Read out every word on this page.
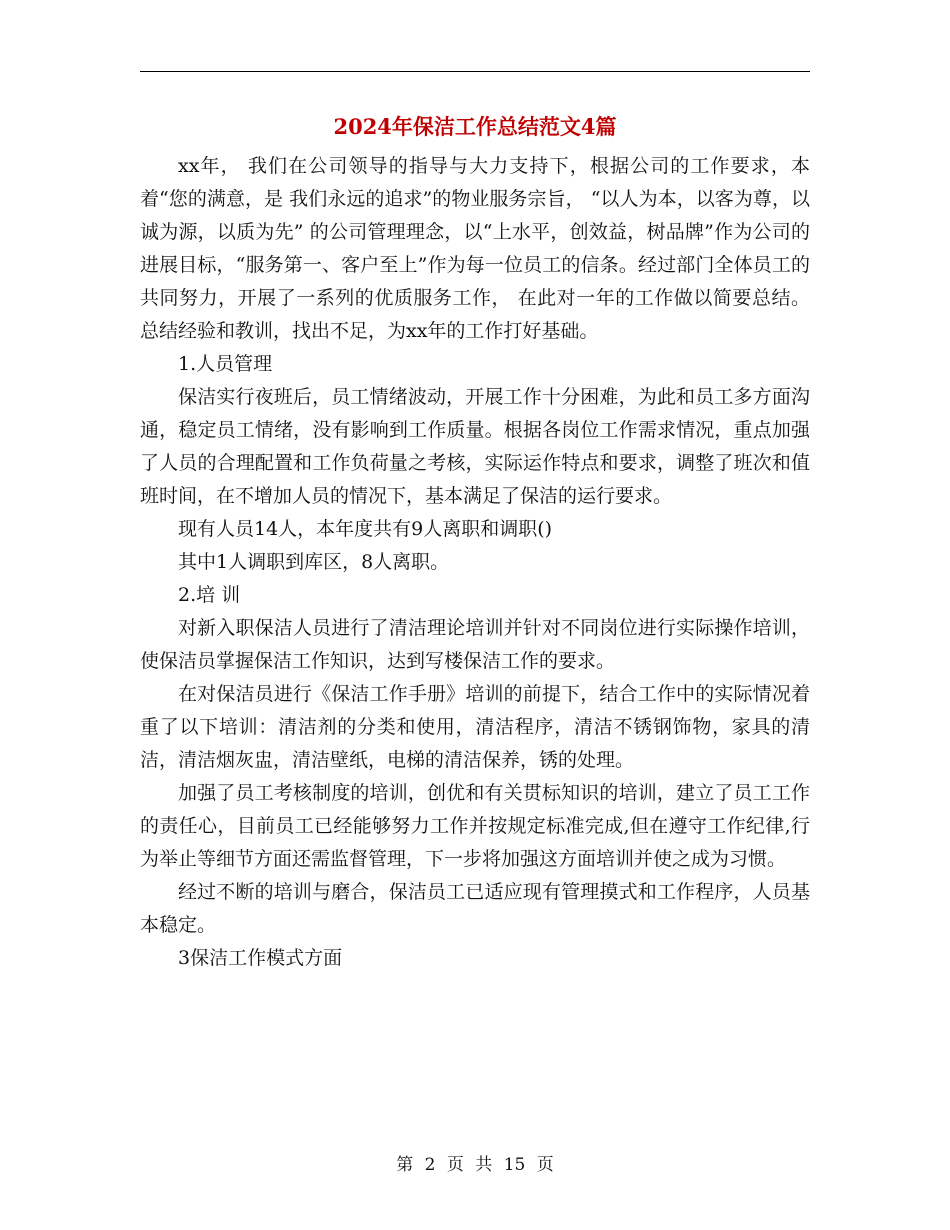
2024年保洁工作总结范文4篇

xx年， 我们在公司领导的指导与大力支持下，根据公司的工作要求，本着“您的满意，是 我们永远的追求”的物业服务宗旨， “以人为本，以客为尊，以诚为源，以质为先” 的公司管理理念，以“上水平，创效益，树品牌”作为公司的进展目标，“服务第一、客户至上”作为每一位员工的信条。经过部门全体员工的共同努力，开展了一系列的优质服务工作， 在此对一年的工作做以简要总结。总结经验和教训，找出不足，为xx年的工作打好基础。

1.人员管理

保洁实行夜班后，员工情绪波动，开展工作十分困难，为此和员工多方面沟通，稳定员工情绪，没有影响到工作质量。根据各岗位工作需求情况，重点加强了人员的合理配置和工作负荷量之考核，实际运作特点和要求，调整了班次和值班时间，在不增加人员的情况下，基本满足了保洁的运行要求。

现有人员14人，本年度共有9人离职和调职()

其中1人调职到库区，8人离职。

2.培 训

对新入职保洁人员进行了清洁理论培训并针对不同岗位进行实际操作培训，使保洁员掌握保洁工作知识，达到写楼保洁工作的要求。

在对保洁员进行《保洁工作手册》培训的前提下，结合工作中的实际情况着重了以下培训：清洁剂的分类和使用，清洁程序，清洁不锈钢饰物，家具的清洁，清洁烟灰盅，清洁壁纸，电梯的清洁保养，锈的处理。

加强了员工考核制度的培训，创优和有关贯标知识的培训，建立了员工工作的责任心，目前员工已经能够努力工作并按规定标准完成,但在遵守工作纪律,行为举止等细节方面还需监督管理，下一步将加强这方面培训并使之成为习惯。

经过不断的培训与磨合，保洁员工已适应现有管理摸式和工作程序，人员基本稳定。

3保洁工作模式方面

第 2 页 共 15 页
